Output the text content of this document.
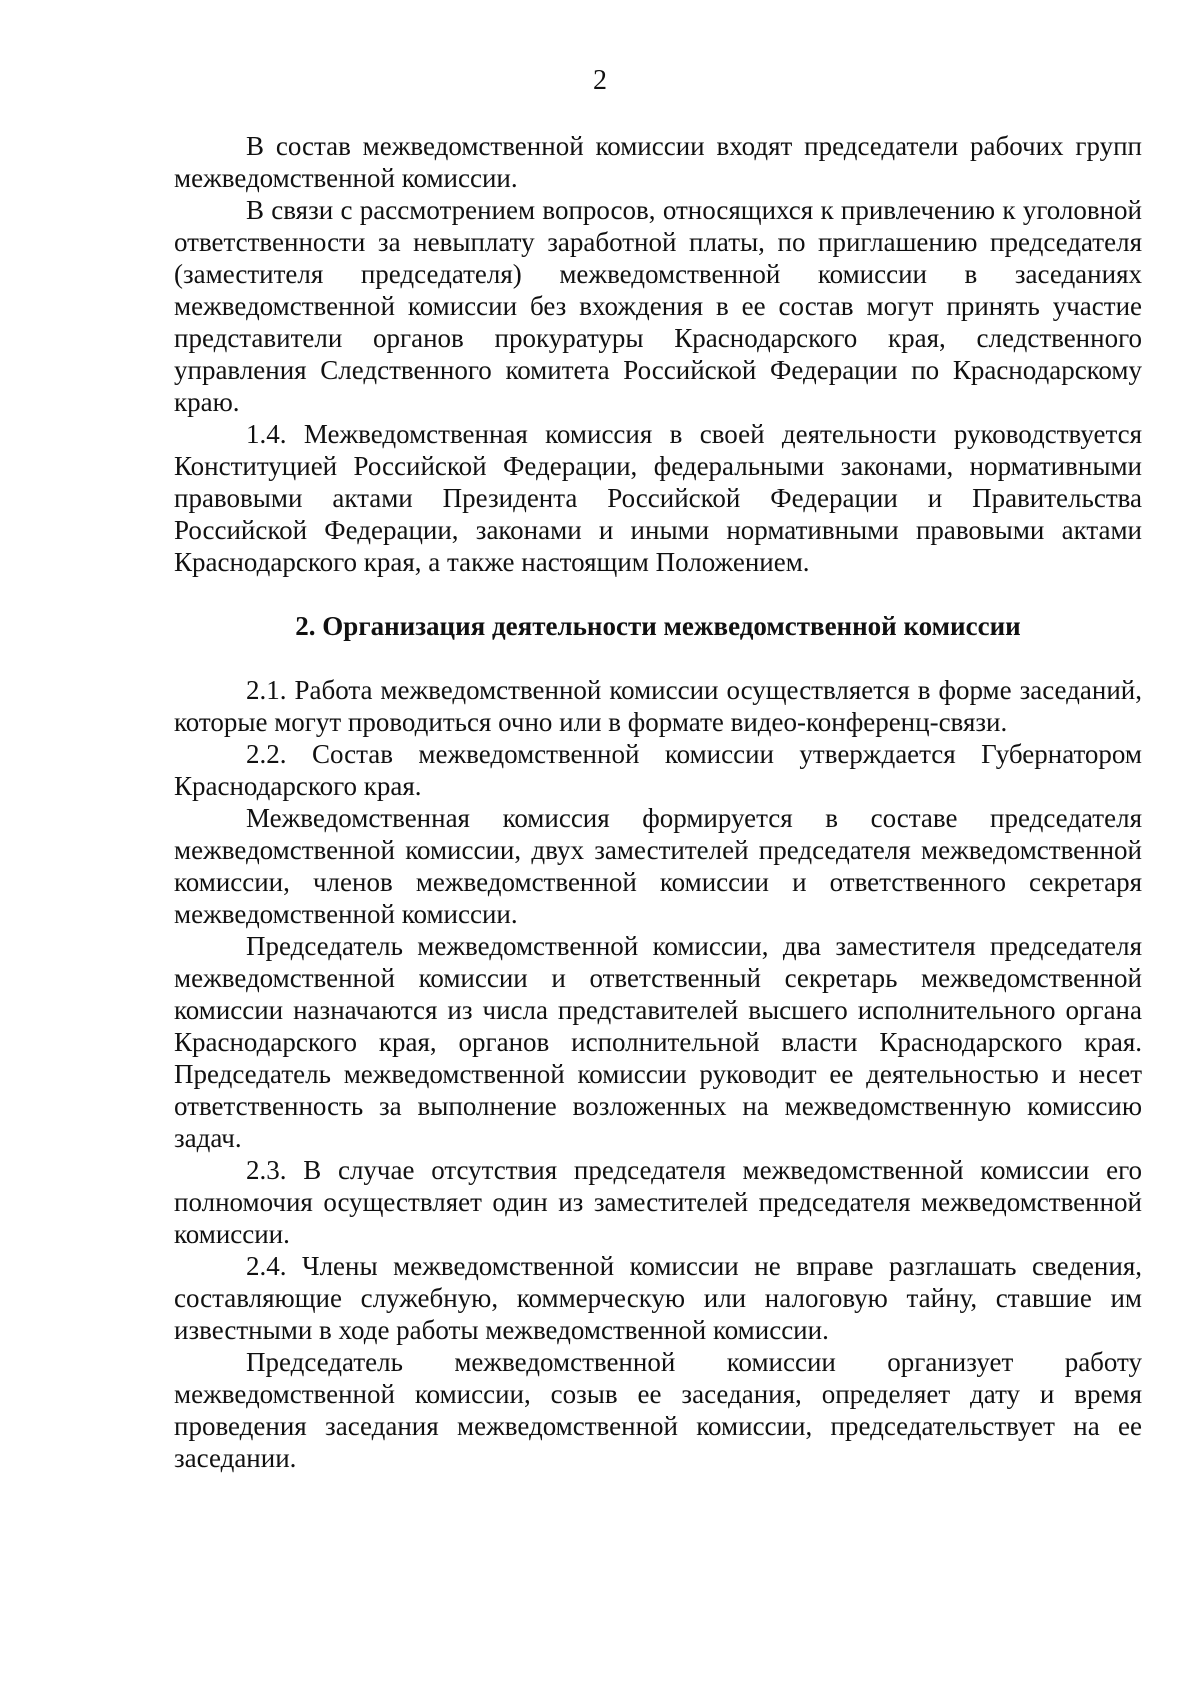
2

В состав межведомственной комиссии входят председатели рабочих групп межведомственной комиссии.

В связи с рассмотрением вопросов, относящихся к привлечению к уголовной ответственности за невыплату заработной платы, по приглашению председателя (заместителя председателя) межведомственной комиссии в заседаниях межведомственной комиссии без вхождения в ее состав могут принять участие представители органов прокуратуры Краснодарского края, следственного управления Следственного комитета Российской Федерации по Краснодарскому краю.

1.4. Межведомственная комиссия в своей деятельности руководствуется Конституцией Российской Федерации, федеральными законами, нормативными правовыми актами Президента Российской Федерации и Правительства Российской Федерации, законами и иными нормативными правовыми актами Краснодарского края, а также настоящим Положением.

2. Организация деятельности межведомственной комиссии

2.1. Работа межведомственной комиссии осуществляется в форме заседаний, которые могут проводиться очно или в формате видео-конференц-связи.

2.2. Состав межведомственной комиссии утверждается Губернатором Краснодарского края.

Межведомственная комиссия формируется в составе председателя межведомственной комиссии, двух заместителей председателя межведомственной комиссии, членов межведомственной комиссии и ответственного секретаря межведомственной комиссии.

Председатель межведомственной комиссии, два заместителя председателя межведомственной комиссии и ответственный секретарь межведомственной комиссии назначаются из числа представителей высшего исполнительного органа Краснодарского края, органов исполнительной власти Краснодарского края. Председатель межведомственной комиссии руководит ее деятельностью и несет ответственность за выполнение возложенных на межведомственную комиссию задач.

2.3. В случае отсутствия председателя межведомственной комиссии его полномочия осуществляет один из заместителей председателя межведомственной комиссии.

2.4. Члены межведомственной комиссии не вправе разглашать сведения, составляющие служебную, коммерческую или налоговую тайну, ставшие им известными в ходе работы межведомственной комиссии.

Председатель межведомственной комиссии организует работу межведомственной комиссии, созыв ее заседания, определяет дату и время проведения заседания межведомственной комиссии, председательствует на ее заседании.
